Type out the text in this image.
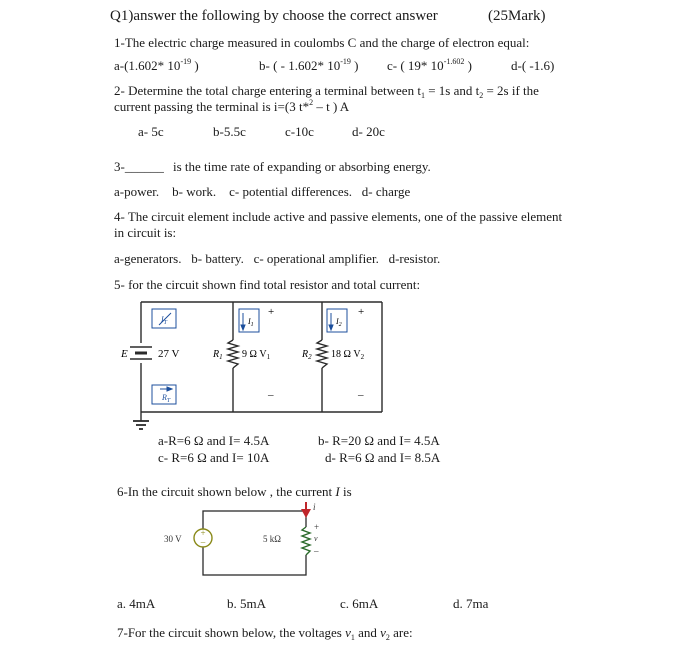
Q1)answer the following by choose the correct answer	(25Mark)
1-The electric charge measured in coulombs C and the charge of electron equal:
a-(1.602* $10^{-19}$ )	b- ( - 1.602* $10^{-19}$ ) c- ( 19* $10^{-1.602}$ )	d-( -1.6)
2- Determine the total charge entering a terminal between $t_1 = 1s$ and $t_2 = 2s$ if the
current passing the terminal is i=(3 t*$^2$ – t ) A
a- 5c	b-5.5c	c-10c	d- 20c
3-______ is the time rate of expanding or absorbing energy.
a-power.    b- work.    c- potential differences.   d- charge
4- The circuit element include active and passive elements, one of the passive element
in circuit is:
a-generators.   b- battery.   c- operational amplifier.   d-resistor.
5- for the circuit shown find total resistor and total current:
E	27 V
$I_T$
$R_T$
$I_1$	$I_2$
$R_1$ 9 Ω $V_1$	$R_2$ 18 Ω $V_2$
+
–
+
–
a-R=6 Ω and I= 4.5A	b- R=20 Ω and I= 4.5A
c- R=6 Ω and I= 10A	d- R=6 Ω and I= 8.5A
6-In the circuit shown below , the current I is
+
–
i
30 V	5 kΩ
+
v
–
a. 4mA	b. 5mA	c. 6mA	d. 7ma
7-For the circuit shown below, the voltages $v_1$ and $v_2$ are:
